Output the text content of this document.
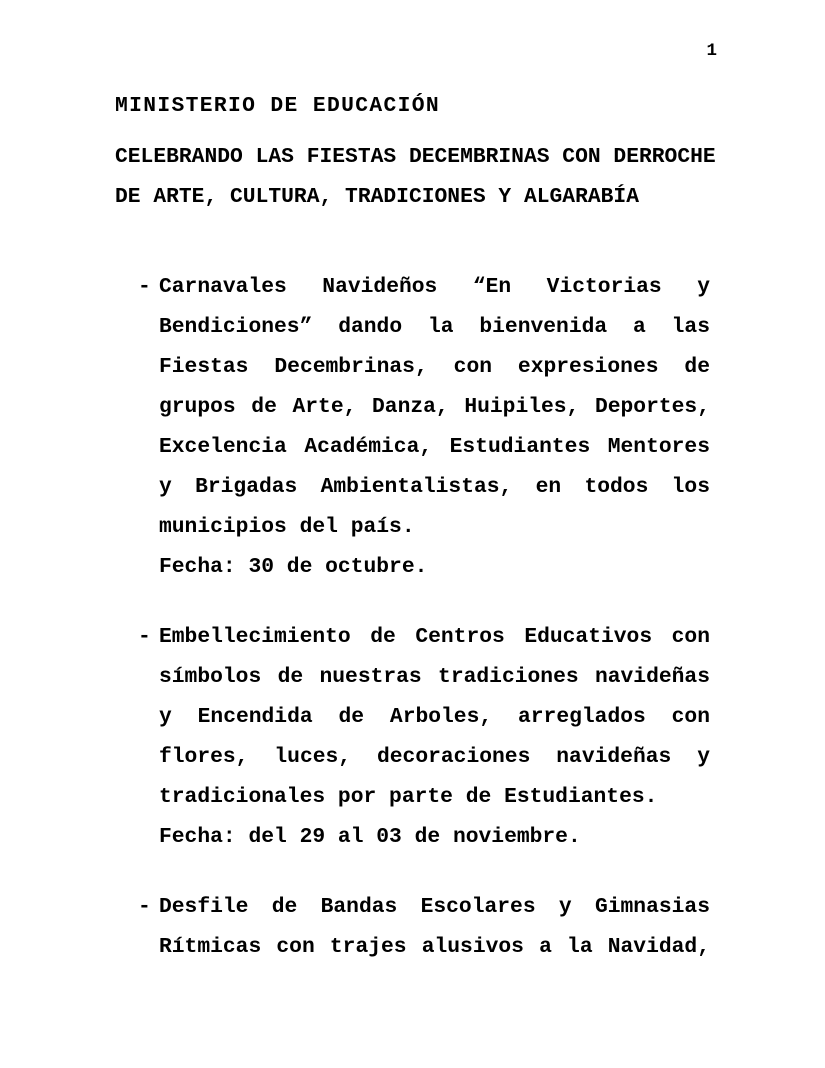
1
MINISTERIO DE EDUCACIÓN
CELEBRANDO LAS FIESTAS DECEMBRINAS CON DERROCHE DE ARTE, CULTURA, TRADICIONES Y ALGARABÍA
- Carnavales Navideños “En Victorias y Bendiciones” dando la bienvenida a las Fiestas Decembrinas, con expresiones de grupos de Arte, Danza, Huipiles, Deportes, Excelencia Académica, Estudiantes Mentores y Brigadas Ambientalistas, en todos los municipios del país.
Fecha: 30 de octubre.
- Embellecimiento de Centros Educativos con símbolos de nuestras tradiciones navideñas y Encendida de Arboles, arreglados con flores, luces, decoraciones navideñas y tradicionales por parte de Estudiantes.
Fecha: del 29 al 03 de noviembre.
- Desfile de Bandas Escolares y Gimnasias Rítmicas con trajes alusivos a la Navidad,
